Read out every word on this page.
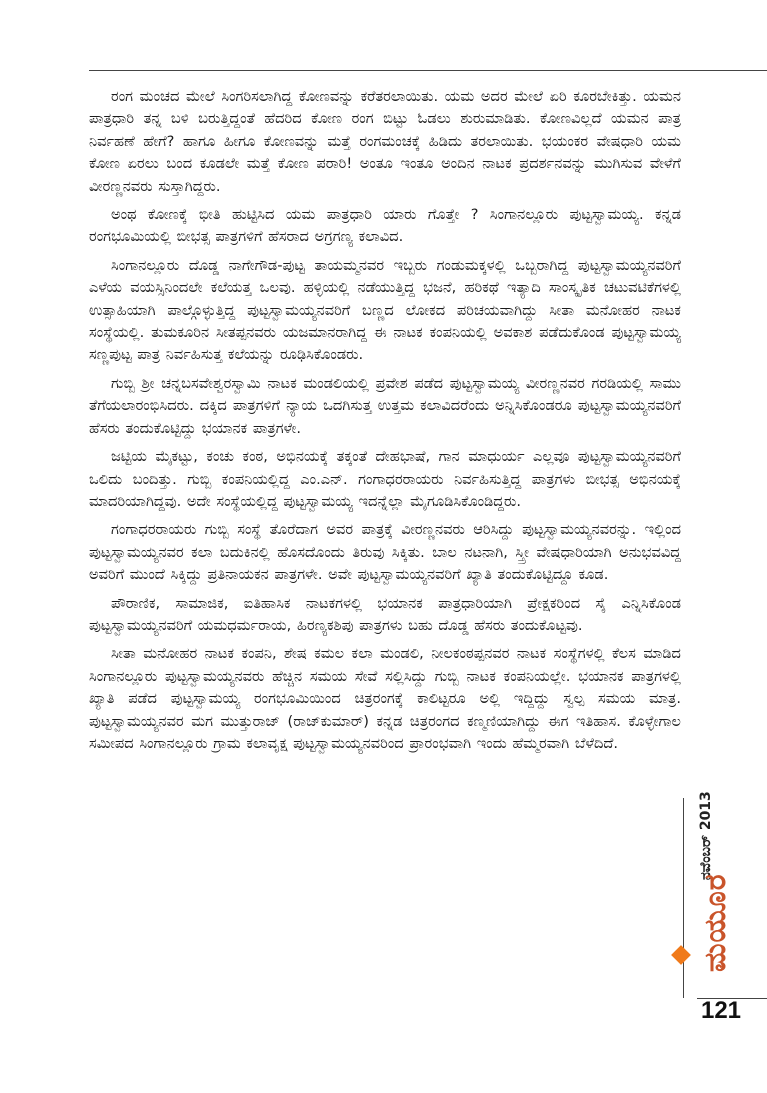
ರಂಗ ಮಂಚದ ಮೇಲೆ ಸಿಂಗರಿಸಲಾಗಿದ್ದ ಕೋಣವನ್ನು ಕರೆತರಲಾಯಿತು. ಯಮ ಅದರ ಮೇಲೆ ಏರಿ ಕೂರಬೇಕಿತ್ತು. ಯಮನ ಪಾತ್ರಧಾರಿ ತನ್ನ ಬಳಿ ಬರುತ್ತಿದ್ದಂತೆ ಹೆದರಿದ ಕೋಣ ರಂಗ ಬಿಟ್ಟು ಓಡಲು ಶುರುಮಾಡಿತು. ಕೋಣವಿಲ್ಲದೆ ಯಮನ ಪಾತ್ರ ನಿರ್ವಹಣೆ ಹೇಗೆ? ಹಾಗೂ ಹೀಗೂ ಕೋಣವನ್ನು ಮತ್ತೆ ರಂಗಮಂಚಕ್ಕೆ ಹಿಡಿದು ತರಲಾಯಿತು. ಭಯಂಕರ ವೇಷಧಾರಿ ಯಮ ಕೋಣ ಏರಲು ಬಂದ ಕೂಡಲೇ ಮತ್ತೆ ಕೋಣ ಪರಾರಿ! ಅಂತೂ ಇಂತೂ ಅಂದಿನ ನಾಟಕ ಪ್ರದರ್ಶನವನ್ನು ಮುಗಿಸುವ ವೇಳೆಗೆ ವೀರಣ್ಣನವರು ಸುಸ್ತಾಗಿದ್ದರು.

ಅಂಥ ಕೋಣಕ್ಕೆ ಭೀತಿ ಹುಟ್ಟಿಸಿದ ಯಮ ಪಾತ್ರಧಾರಿ ಯಾರು ಗೊತ್ತೇ ? ಸಿಂಗಾನಲ್ಲೂರು ಪುಟ್ಟಸ್ವಾಮಯ್ಯ. ಕನ್ನಡ ರಂಗಭೂಮಿಯಲ್ಲಿ ಬೀಭತ್ಸ ಪಾತ್ರಗಳಿಗೆ ಹೆಸರಾದ ಅಗ್ರಗಣ್ಯ ಕಲಾವಿದ.

ಸಿಂಗಾನಲ್ಲೂರು ದೊಡ್ಡ ನಾಗೇಗೌಡ-ಪುಟ್ಟ ತಾಯಮ್ಮನವರ ಇಬ್ಬರು ಗಂಡುಮಕ್ಕಳಲ್ಲಿ ಒಬ್ಬರಾಗಿದ್ದ ಪುಟ್ಟಸ್ವಾಮಯ್ಯನವರಿಗೆ ಎಳೆಯ ವಯಸ್ಸಿನಿಂದಲೇ ಕಲೆಯತ್ತ ಒಲವು. ಹಳ್ಳಿಯಲ್ಲಿ ನಡೆಯುತ್ತಿದ್ದ ಭಜನೆ, ಹರಿಕಥೆ ಇತ್ಯಾದಿ ಸಾಂಸ್ಕೃತಿಕ ಚಟುವಟಿಕೆಗಳಲ್ಲಿ ಉತ್ಸಾಹಿಯಾಗಿ ಪಾಲ್ಗೊಳ್ಳುತ್ತಿದ್ದ ಪುಟ್ಟಸ್ವಾಮಯ್ಯನವರಿಗೆ ಬಣ್ಣದ ಲೋಕದ ಪರಿಚಯವಾಗಿದ್ದು ಸೀತಾ ಮನೋಹರ ನಾಟಕ ಸಂಸ್ಥೆಯಲ್ಲಿ. ತುಮಕೂರಿನ ಸೀತಪ್ಪನವರು ಯಜಮಾನರಾಗಿದ್ದ ಈ ನಾಟಕ ಕಂಪನಿಯಲ್ಲಿ ಅವಕಾಶ ಪಡೆದುಕೊಂಡ ಪುಟ್ಟಸ್ವಾಮಯ್ಯ ಸಣ್ಣಪುಟ್ಟ ಪಾತ್ರ ನಿರ್ವಹಿಸುತ್ತ ಕಲೆಯನ್ನು ರೂಢಿಸಿಕೊಂಡರು.

ಗುಬ್ಬಿ ಶ್ರೀ ಚನ್ನಬಸವೇಶ್ವರಸ್ವಾಮಿ ನಾಟಕ ಮಂಡಲಿಯಲ್ಲಿ ಪ್ರವೇಶ ಪಡೆದ ಪುಟ್ಟಸ್ವಾಮಯ್ಯ ವೀರಣ್ಣನವರ ಗರಡಿಯಲ್ಲಿ ಸಾಮು ತೆಗೆಯಲಾರಂಭಿಸಿದರು. ದಕ್ಕಿದ ಪಾತ್ರಗಳಿಗೆ ನ್ಯಾಯ ಒದಗಿಸುತ್ತ ಉತ್ತಮ ಕಲಾವಿದರೆಂದು ಅನ್ನಿಸಿಕೊಂಡರೂ ಪುಟ್ಟಸ್ವಾಮಯ್ಯನವರಿಗೆ ಹೆಸರು ತಂದುಕೊಟ್ಟಿದ್ದು ಭಯಾನಕ ಪಾತ್ರಗಳೇ.

ಜಟ್ಟಿಯ ಮೈಕಟ್ಟು, ಕಂಚು ಕಂಠ, ಅಭಿನಯಕ್ಕೆ ತಕ್ಕಂತೆ ದೇಹಭಾಷೆ, ಗಾನ ಮಾಧುರ್ಯ ಎಲ್ಲವೂ ಪುಟ್ಟಸ್ವಾಮಯ್ಯನವರಿಗೆ ಒಲಿದು ಬಂದಿತ್ತು. ಗುಬ್ಬಿ ಕಂಪನಿಯಲ್ಲಿದ್ದ ಎಂ.ಎನ್. ಗಂಗಾಧರರಾಯರು ನಿರ್ವಹಿಸುತ್ತಿದ್ದ ಪಾತ್ರಗಳು ಬೀಭತ್ಸ ಅಭಿನಯಕ್ಕೆ ಮಾದರಿಯಾಗಿದ್ದವು. ಅದೇ ಸಂಸ್ಥೆಯಲ್ಲಿದ್ದ ಪುಟ್ಟಸ್ವಾಮಯ್ಯ ಇದನ್ನೆಲ್ಲಾ ಮೈಗೂಡಿಸಿಕೊಂಡಿದ್ದರು.

ಗಂಗಾಧರರಾಯರು ಗುಬ್ಬಿ ಸಂಸ್ಥೆ ತೊರೆದಾಗ ಅವರ ಪಾತ್ರಕ್ಕೆ ವೀರಣ್ಣನವರು ಆರಿಸಿದ್ದು ಪುಟ್ಟಸ್ವಾಮಯ್ಯನವರನ್ನು. ಇಲ್ಲಿಂದ ಪುಟ್ಟಸ್ವಾಮಯ್ಯನವರ ಕಲಾ ಬದುಕಿನಲ್ಲಿ ಹೊಸದೊಂದು ತಿರುವು ಸಿಕ್ಕಿತು. ಬಾಲ ನಟನಾಗಿ, ಸ್ತ್ರೀ ವೇಷಧಾರಿಯಾಗಿ ಅನುಭವವಿದ್ದ ಅವರಿಗೆ ಮುಂದೆ ಸಿಕ್ಕಿದ್ದು ಪ್ರತಿನಾಯಕನ ಪಾತ್ರಗಳೇ. ಅವೇ ಪುಟ್ಟಸ್ವಾಮಯ್ಯನವರಿಗೆ ಖ್ಯಾತಿ ತಂದುಕೊಟ್ಟಿದ್ದೂ ಕೂಡ.

ಪೌರಾಣಿಕ, ಸಾಮಾಜಿಕ, ಐತಿಹಾಸಿಕ ನಾಟಕಗಳಲ್ಲಿ ಭಯಾನಕ ಪಾತ್ರಧಾರಿಯಾಗಿ ಪ್ರೇಕ್ಷಕರಿಂದ ಸೈ ಎನ್ನಿಸಿಕೊಂಡ ಪುಟ್ಟಸ್ವಾಮಯ್ಯನವರಿಗೆ ಯಮಧರ್ಮರಾಯ, ಹಿರಣ್ಯಕಶಿಪು ಪಾತ್ರಗಳು ಬಹು ದೊಡ್ಡ ಹೆಸರು ತಂದುಕೊಟ್ಟವು.

ಸೀತಾ ಮನೋಹರ ನಾಟಕ ಕಂಪನಿ, ಶೇಷ ಕಮಲ ಕಲಾ ಮಂಡಲಿ, ನೀಲಕಂಠಪ್ಪನವರ ನಾಟಕ ಸಂಸ್ಥೆಗಳಲ್ಲಿ ಕೆಲಸ ಮಾಡಿದ ಸಿಂಗಾನಲ್ಲೂರು ಪುಟ್ಟಸ್ವಾಮಯ್ಯನವರು ಹೆಚ್ಚಿನ ಸಮಯ ಸೇವೆ ಸಲ್ಲಿಸಿದ್ದು ಗುಬ್ಬಿ ನಾಟಕ ಕಂಪನಿಯಲ್ಲೇ. ಭಯಾನಕ ಪಾತ್ರಗಳಲ್ಲಿ ಖ್ಯಾತಿ ಪಡೆದ ಪುಟ್ಟಸ್ವಾಮಯ್ಯ ರಂಗಭೂಮಿಯಿಂದ ಚಿತ್ರರಂಗಕ್ಕೆ ಕಾಲಿಟ್ಟರೂ ಅಲ್ಲಿ ಇದ್ದಿದ್ದು ಸ್ವಲ್ಪ ಸಮಯ ಮಾತ್ರ. ಪುಟ್ಟಸ್ವಾಮಯ್ಯನವರ ಮಗ ಮುತ್ತುರಾಜ್ (ರಾಜ್‌ಕುಮಾರ್) ಕನ್ನಡ ಚಿತ್ರರಂಗದ ಕಣ್ಮಣಿಯಾಗಿದ್ದು ಈಗ ಇತಿಹಾಸ. ಕೊಳ್ಳೇಗಾಲ ಸಮೀಪದ ಸಿಂಗಾನಲ್ಲೂರು ಗ್ರಾಮ ಕಲಾವೃಕ್ಷ ಪುಟ್ಟಸ್ವಾಮಯ್ಯನವರಿಂದ ಪ್ರಾರಂಭವಾಗಿ ಇಂದು ಹೆಮ್ಮರವಾಗಿ ಬೆಳೆದಿದೆ.

ನವೆಂಬರ್ 2013
ಮಯೂರ
121
